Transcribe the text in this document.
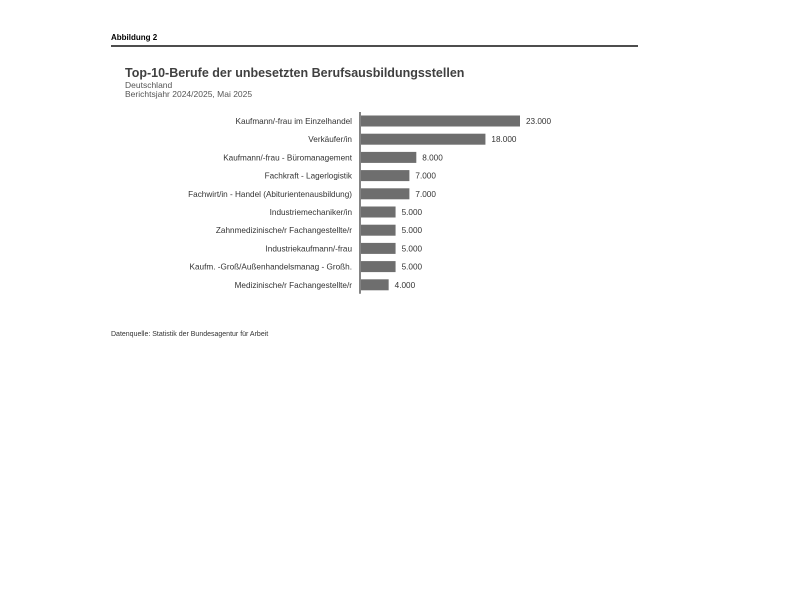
Abbildung 2
Top-10-Berufe der unbesetzten Berufsausbildungsstellen
Deutschland
Berichtsjahr 2024/2025, Mai 2025
Kaufmann/-frau im Einzelhandel	23.000
Verkäufer/in	18.000
Kaufmann/-frau - Büromanagement	8.000
Fachkraft - Lagerlogistik	7.000
Fachwirt/in - Handel (Abiturientenausbildung)	7.000
Industriemechaniker/in	5.000
Zahnmedizinische/r Fachangestellte/r	5.000
Industriekaufmann/-frau	5.000
Kaufm. -Groß/Außenhandelsmanag - Großh.	5.000
Medizinische/r Fachangestellte/r	4.000
Datenquelle: Statistik der Bundesagentur für Arbeit
